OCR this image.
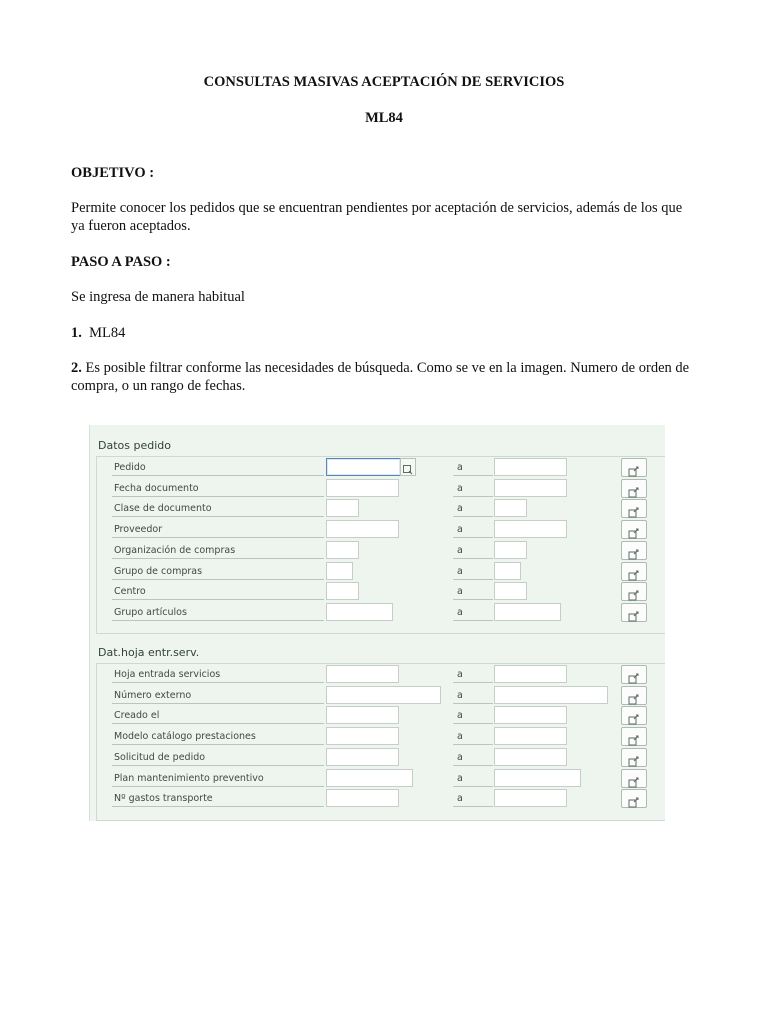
CONSULTAS MASIVAS ACEPTACIÓN DE SERVICIOS
ML84
OBJETIVO :
Permite conocer los pedidos que se encuentran pendientes por aceptación de servicios, además de los que ya fueron aceptados.
PASO A PASO :
Se ingresa de manera habitual
1. ML84
2. Es posible filtrar conforme las necesidades de búsqueda. Como se ve en la imagen. Numero de orden de compra, o un rango de fechas.
Datos pedido
Dat.hoja entr.serv.
Pedido	a
Fecha documento	a
Clase de documento	a
Proveedor	a
Organización de compras	a
Grupo de compras	a
Centro	a
Grupo artículos	a
Hoja entrada servicios	a
Número externo	a
Creado el	a
Modelo catálogo prestaciones	a
Solicitud de pedido	a
Plan mantenimiento preventivo	a
Nº gastos transporte	a
